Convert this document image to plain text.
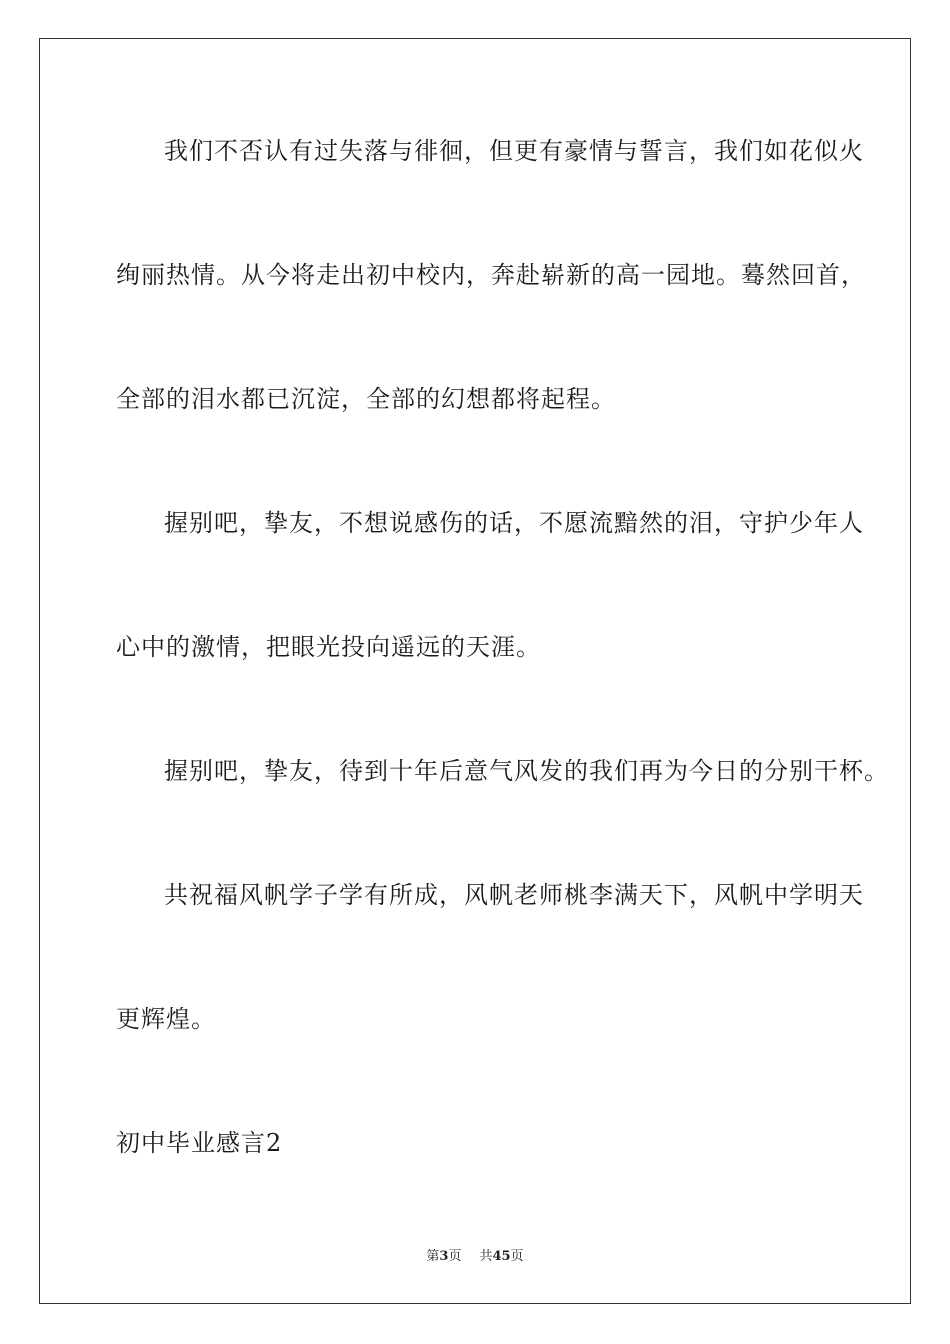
我们不否认有过失落与徘徊，但更有豪情与誓言，我们如花似火
绚丽热情。从今将走出初中校内，奔赴崭新的高一园地。蓦然回首，
全部的泪水都已沉淀，全部的幻想都将起程。
握别吧，挚友，不想说感伤的话，不愿流黯然的泪，守护少年人
心中的激情，把眼光投向遥远的天涯。
握别吧，挚友，待到十年后意气风发的我们再为今日的分别干杯。
共祝福风帆学子学有所成，风帆老师桃李满天下，风帆中学明天
更辉煌。
初中毕业感言2
第3页 共45页
